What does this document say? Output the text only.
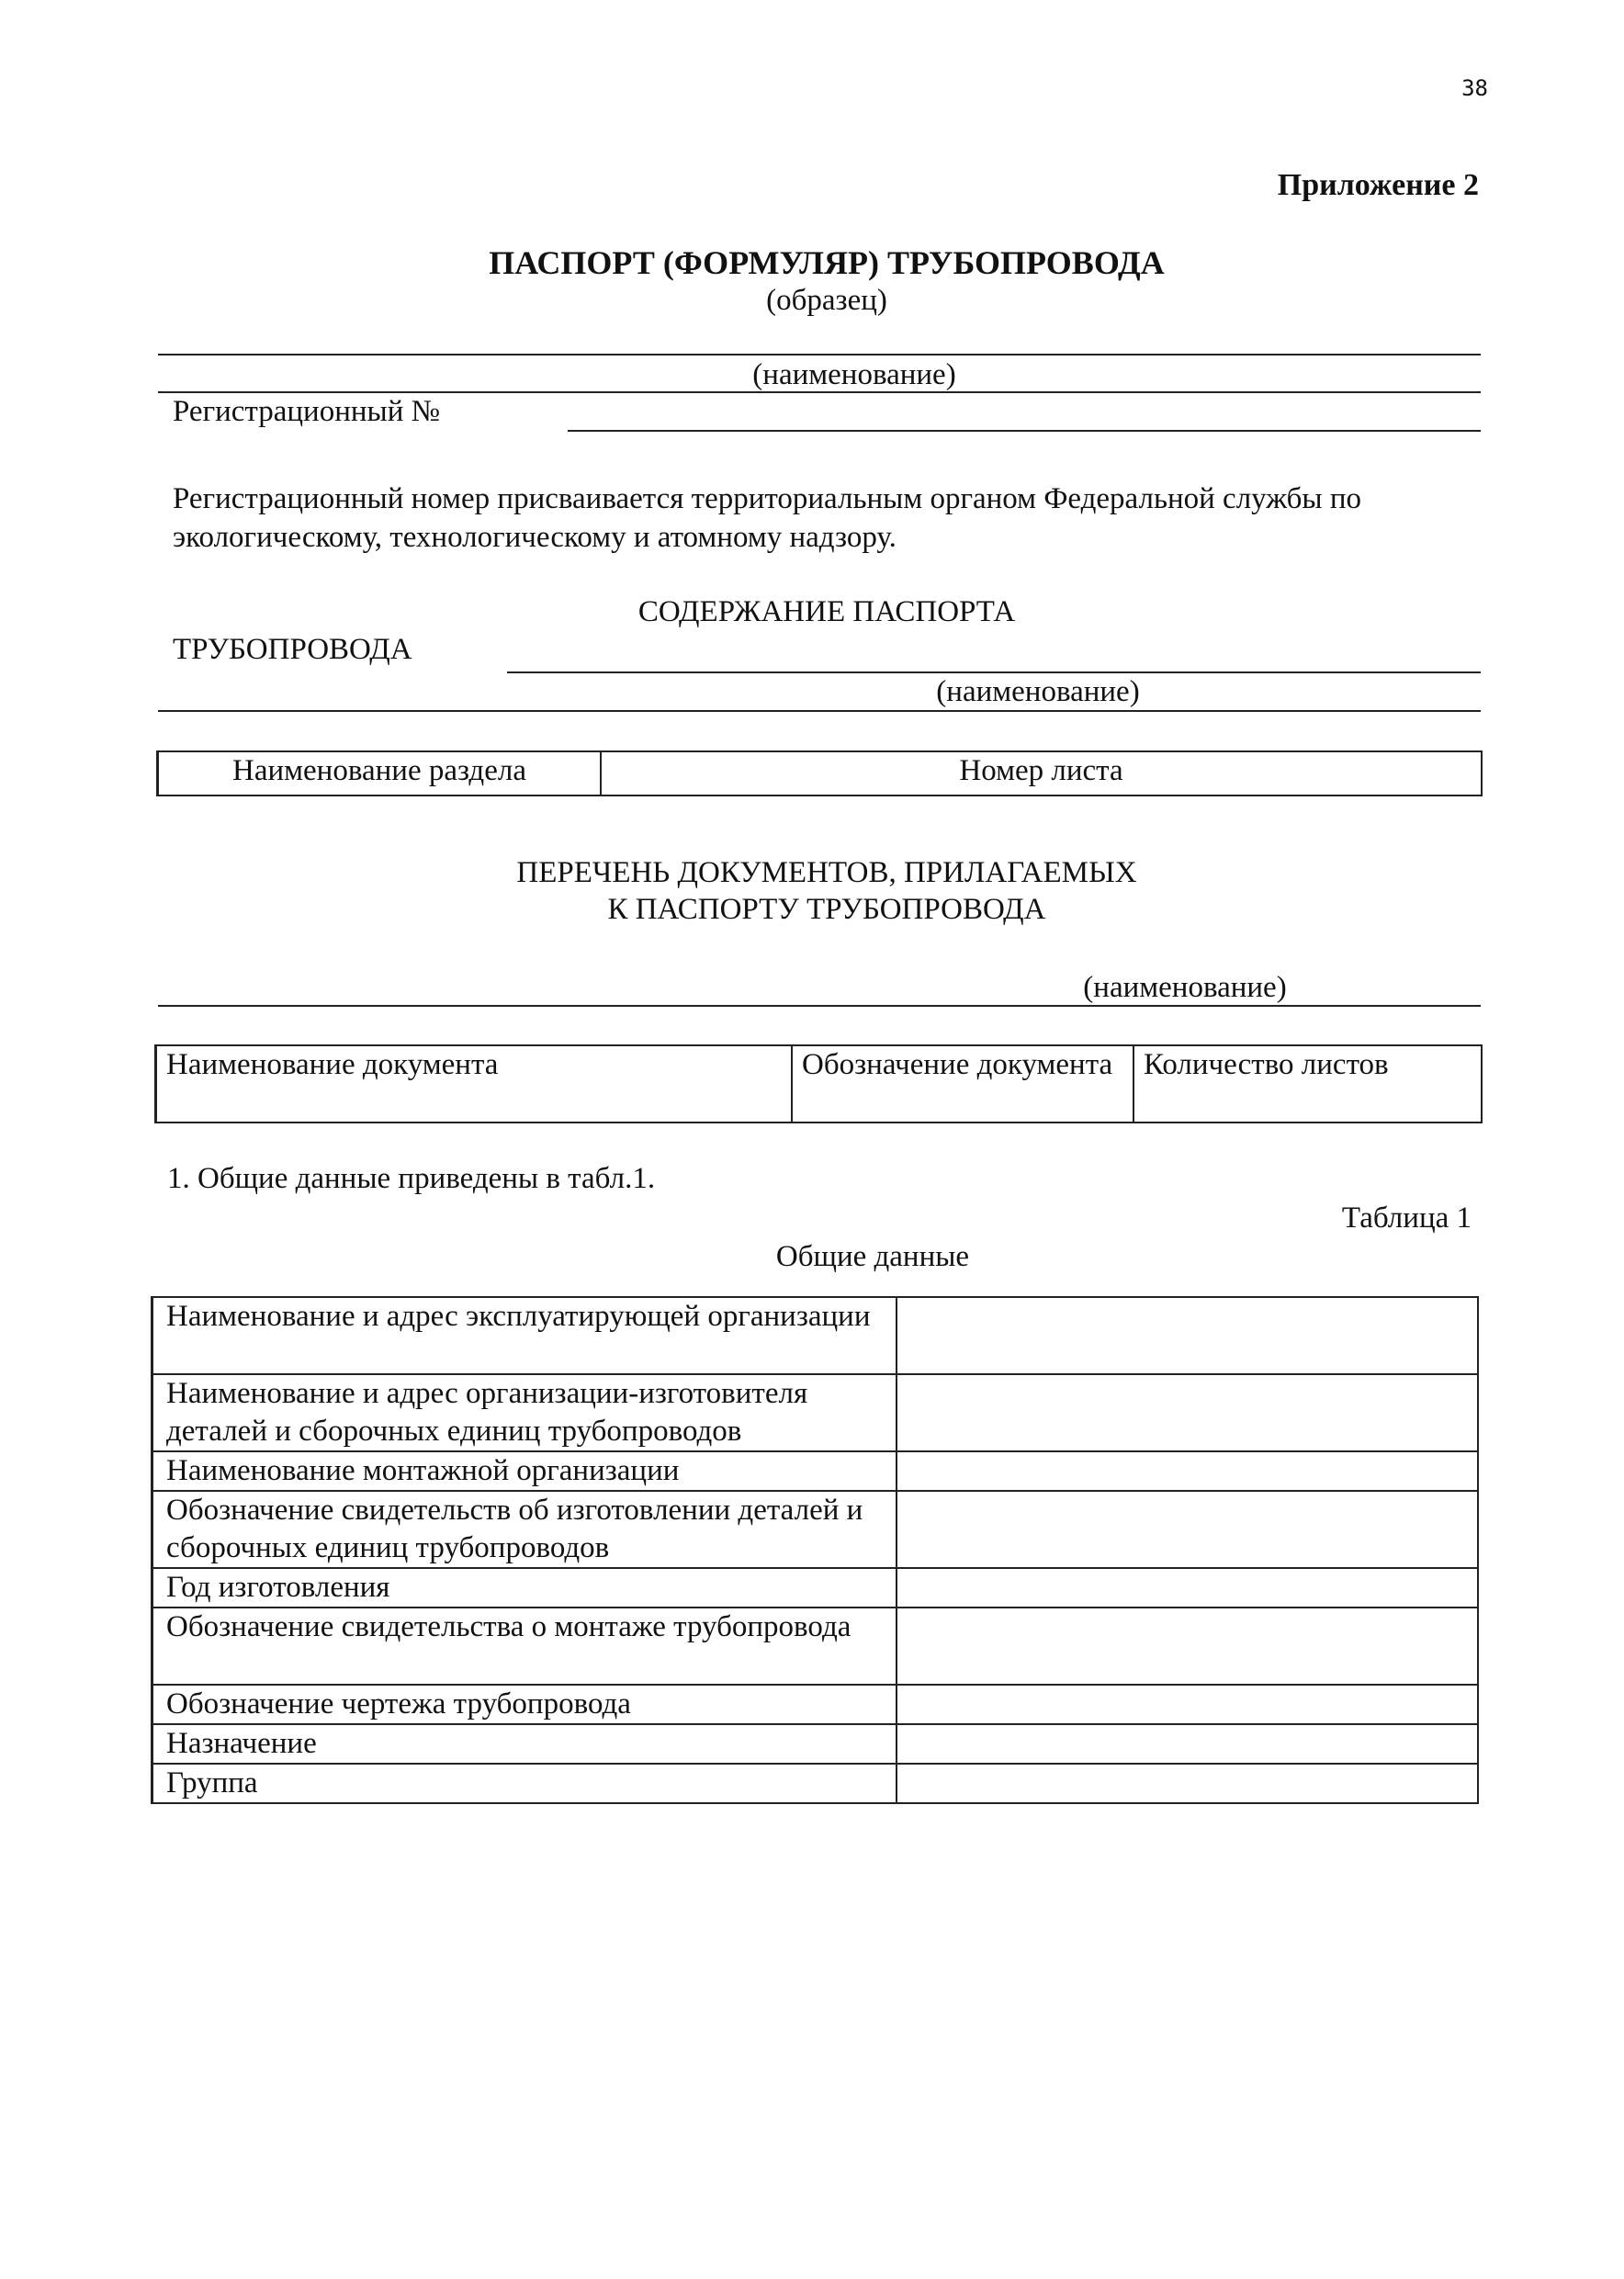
38
Приложение 2
ПАСПОРТ (ФОРМУЛЯР) ТРУБОПРОВОДА
(образец)
(наименование)
Регистрационный №
Регистрационный номер присваивается территориальным органом Федеральной службы по экологическому, технологическому и атомному надзору.
СОДЕРЖАНИЕ ПАСПОРТА
ТРУБОПРОВОДА
(наименование)
Наименование раздела	Номер листа
ПЕРЕЧЕНЬ ДОКУМЕНТОВ, ПРИЛАГАЕМЫХ
К ПАСПОРТУ ТРУБОПРОВОДА
(наименование)
Наименование документа	Обозначение документа	Количество листов
1. Общие данные приведены в табл.1.
Таблица 1
Общие данные
Наименование и адрес эксплуатирующей организации	
Наименование и адрес организации-изготовителя деталей и сборочных единиц трубопроводов	
Наименование монтажной организации	
Обозначение свидетельств об изготовлении деталей и сборочных единиц трубопроводов	
Год изготовления	
Обозначение свидетельства о монтаже трубопровода	
Обозначение чертежа трубопровода	
Назначение	
Группа	
